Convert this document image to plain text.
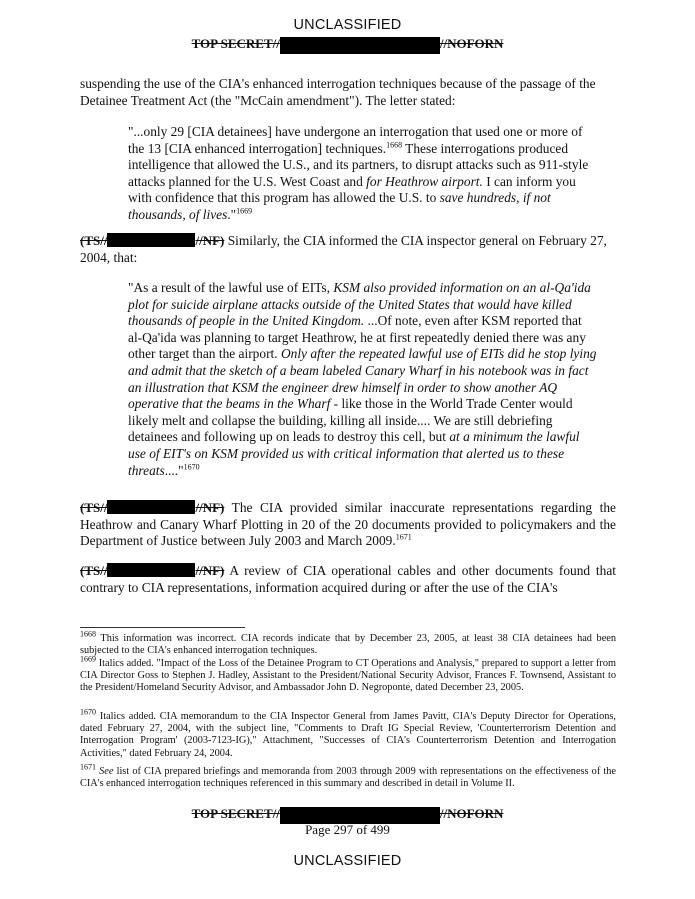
UNCLASSIFIED
TOP SECRET//	//NOFORN
suspending the use of the CIA's enhanced interrogation techniques because of the passage of the Detainee Treatment Act (the "McCain amendment"). The letter stated:
"...only 29 [CIA detainees] have undergone an interrogation that used one or more of the 13 [CIA enhanced interrogation] techniques.$^{1668}$ These interrogations produced intelligence that allowed the U.S., and its partners, to disrupt attacks such as 911-style attacks planned for the U.S. West Coast and for Heathrow airport. I can inform you with confidence that this program has allowed the U.S. to save hundreds, if not thousands, of lives."$^{1669}$
(TS//	//NF) Similarly, the CIA informed the CIA inspector general on February 27, 2004, that:
"As a result of the lawful use of EITs, KSM also provided information on an al-Qa'ida plot for suicide airplane attacks outside of the United States that would have killed thousands of people in the United Kingdom. ...Of note, even after KSM reported that al-Qa'ida was planning to target Heathrow, he at first repeatedly denied there was any other target than the airport. Only after the repeated lawful use of EITs did he stop lying and admit that the sketch of a beam labeled Canary Wharf in his notebook was in fact an illustration that KSM the engineer drew himself in order to show another AQ operative that the beams in the Wharf - like those in the World Trade Center would likely melt and collapse the building, killing all inside.... We are still debriefing detainees and following up on leads to destroy this cell, but at a minimum the lawful use of EIT's on KSM provided us with critical information that alerted us to these threats...."$^{1670}$
(TS//	//NF) The CIA provided similar inaccurate representations regarding the Heathrow and Canary Wharf Plotting in 20 of the 20 documents provided to policymakers and the Department of Justice between July 2003 and March 2009.$^{1671}$
(TS//	//NF) A review of CIA operational cables and other documents found that contrary to CIA representations, information acquired during or after the use of the CIA's
$^{1668}$ This information was incorrect. CIA records indicate that by December 23, 2005, at least 38 CIA detainees had been subjected to the CIA's enhanced interrogation techniques.
$^{1669}$ Italics added. "Impact of the Loss of the Detainee Program to CT Operations and Analysis," prepared to support a letter from CIA Director Goss to Stephen J. Hadley, Assistant to the President/National Security Advisor, Frances F. Townsend, Assistant to the President/Homeland Security Advisor, and Ambassador John D. Negroponte, dated December 23, 2005.
$^{1670}$ Italics added. CIA memorandum to the CIA Inspector General from James Pavitt, CIA's Deputy Director for Operations, dated February 27, 2004, with the subject line, "Comments to Draft IG Special Review, 'Counterterrorism Detention and Interrogation Program' (2003-7123-IG)," Attachment, "Successes of CIA's Counterterrorism Detention and Interrogation Activities," dated February 24, 2004.
$^{1671}$ See list of CIA prepared briefings and memoranda from 2003 through 2009 with representations on the effectiveness of the CIA's enhanced interrogation techniques referenced in this summary and described in detail in Volume II.
TOP SECRET//	//NOFORN
Page 297 of 499
UNCLASSIFIED
